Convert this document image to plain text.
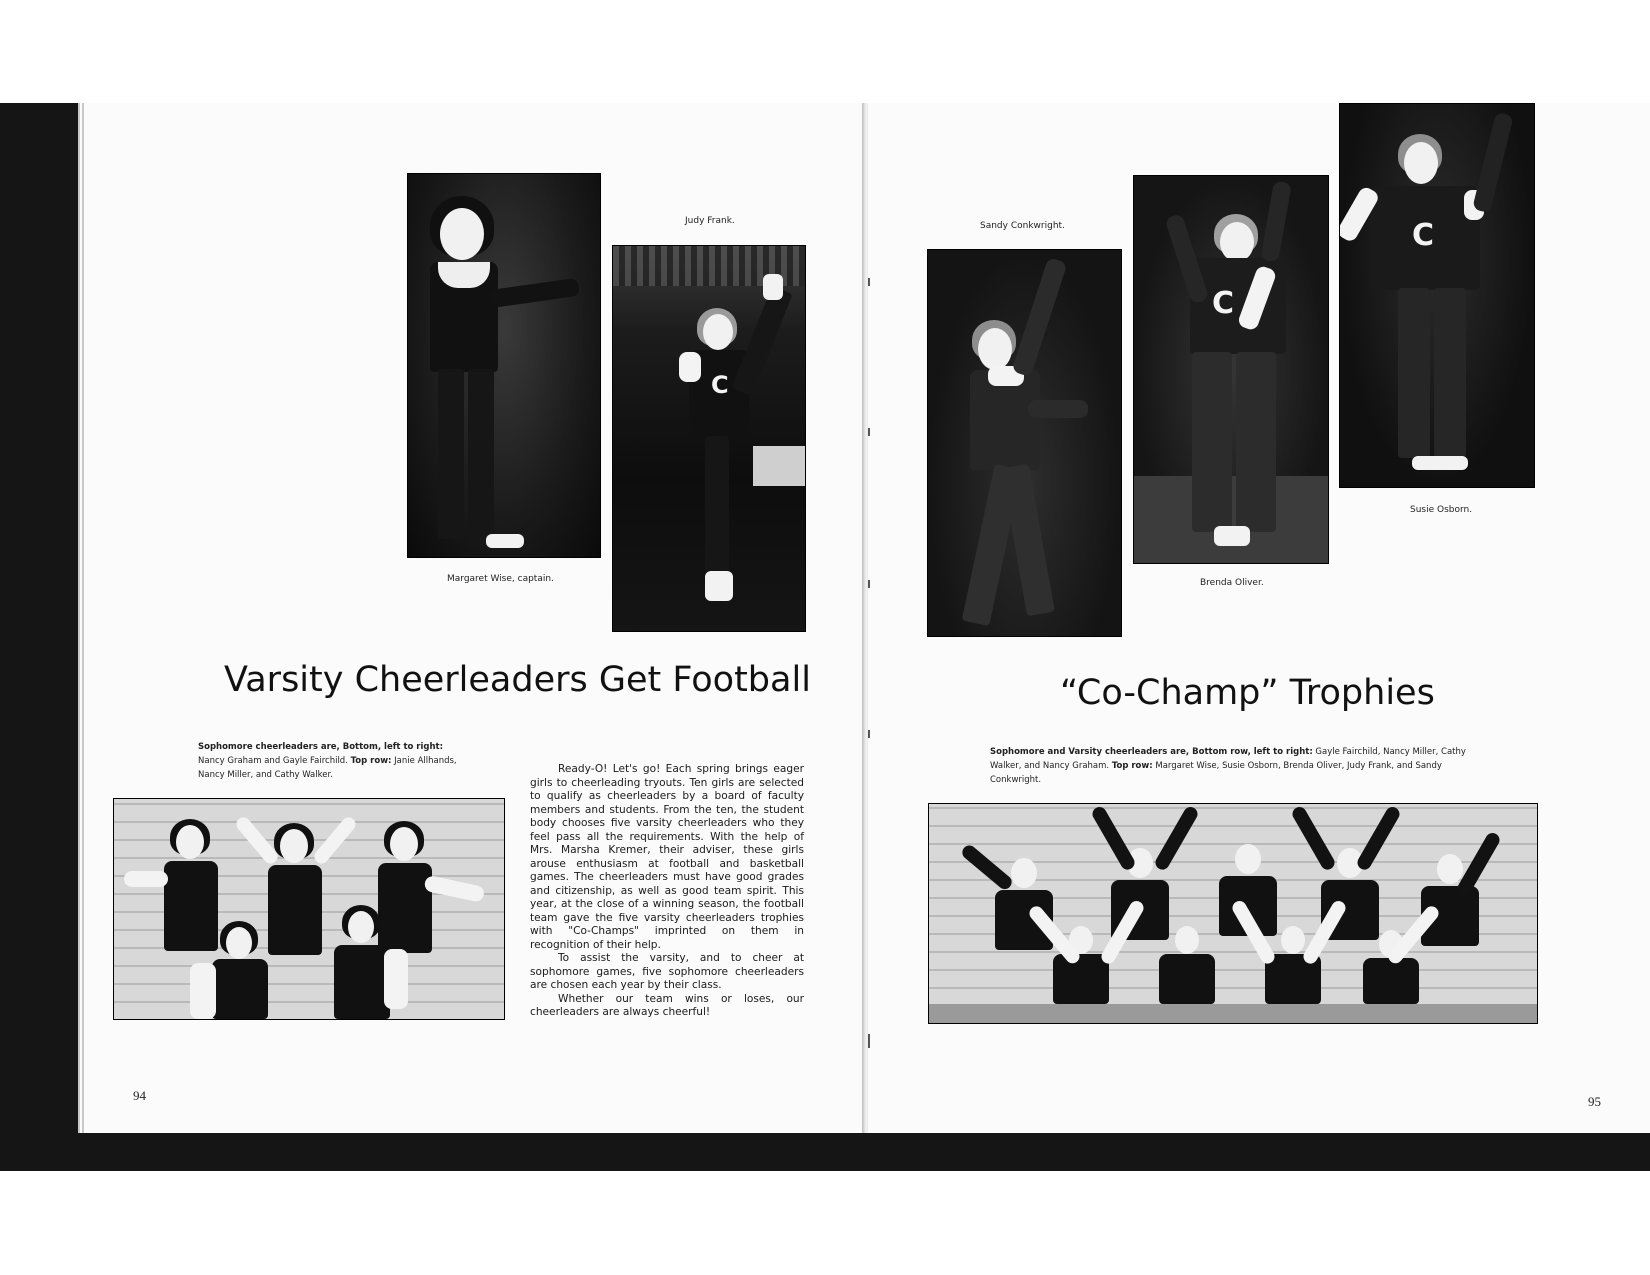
Margaret Wise, captain.
Judy Frank.
C
Varsity Cheerleaders Get Football
Sophomore cheerleaders are, Bottom, left to right: Nancy Graham and Gayle Fairchild. Top row: Janie Allhands, Nancy Miller, and Cathy Walker.	Ready-O! Let's go! Each spring brings eager girls to cheerleading tryouts. Ten girls are selected to qualify as cheerleaders by a board of faculty members and students. From the ten, the student body chooses five varsity cheerleaders who they feel pass all the requirements. With the help of Mrs. Marsha Kremer, their adviser, these girls arouse enthusiasm at football and basketball games. The cheerleaders must have good grades and citizenship, as well as good team spirit. This year, at the close of a winning season, the football team gave the five varsity cheerleaders trophies with "Co-Champs" imprinted on them in recognition of their help.

To assist the varsity, and to cheer at sophomore games, five sophomore cheerleaders are chosen each year by their class.

Whether our team wins or loses, our cheerleaders are always cheerful!

94
Sandy Conkwright.
C
Brenda Oliver.
C
Susie Osborn.
“Co-Champ” Trophies
Sophomore and Varsity cheerleaders are, Bottom row, left to right: Gayle Fairchild, Nancy Miller, Cathy Walker, and Nancy Graham. Top row: Margaret Wise, Susie Osborn, Brenda Oliver, Judy Frank, and Sandy Conkwright.
95
